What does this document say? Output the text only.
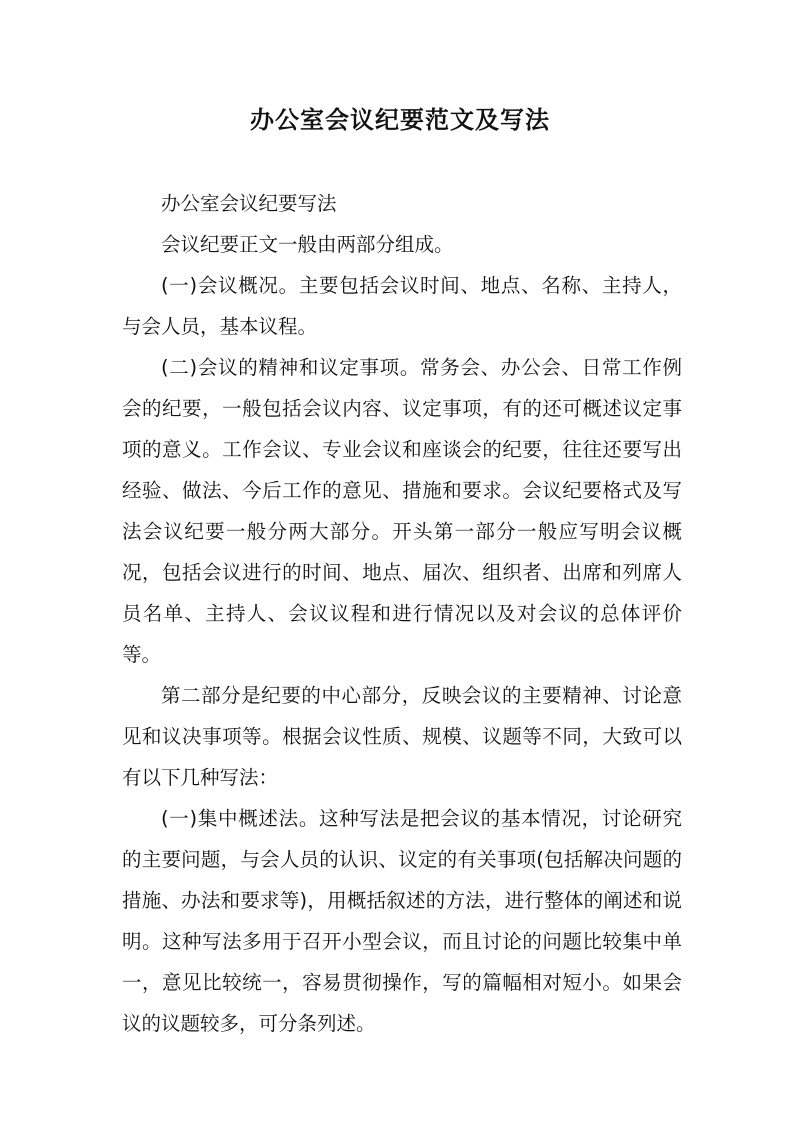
办公室会议纪要范文及写法

办公室会议纪要写法

会议纪要正文一般由两部分组成。

(一)会议概况。主要包括会议时间、地点、名称、主持人，与会人员，基本议程。

(二)会议的精神和议定事项。常务会、办公会、日常工作例会的纪要，一般包括会议内容、议定事项，有的还可概述议定事项的意义。工作会议、专业会议和座谈会的纪要，往往还要写出经验、做法、今后工作的意见、措施和要求。会议纪要格式及写法会议纪要一般分两大部分。开头第一部分一般应写明会议概况，包括会议进行的时间、地点、届次、组织者、出席和列席人员名单、主持人、会议议程和进行情况以及对会议的总体评价等。

第二部分是纪要的中心部分，反映会议的主要精神、讨论意见和议决事项等。根据会议性质、规模、议题等不同，大致可以有以下几种写法：

(一)集中概述法。这种写法是把会议的基本情况，讨论研究的主要问题，与会人员的认识、议定的有关事项(包括解决问题的措施、办法和要求等)，用概括叙述的方法，进行整体的阐述和说明。这种写法多用于召开小型会议，而且讨论的问题比较集中单一，意见比较统一，容易贯彻操作，写的篇幅相对短小。如果会议的议题较多，可分条列述。
